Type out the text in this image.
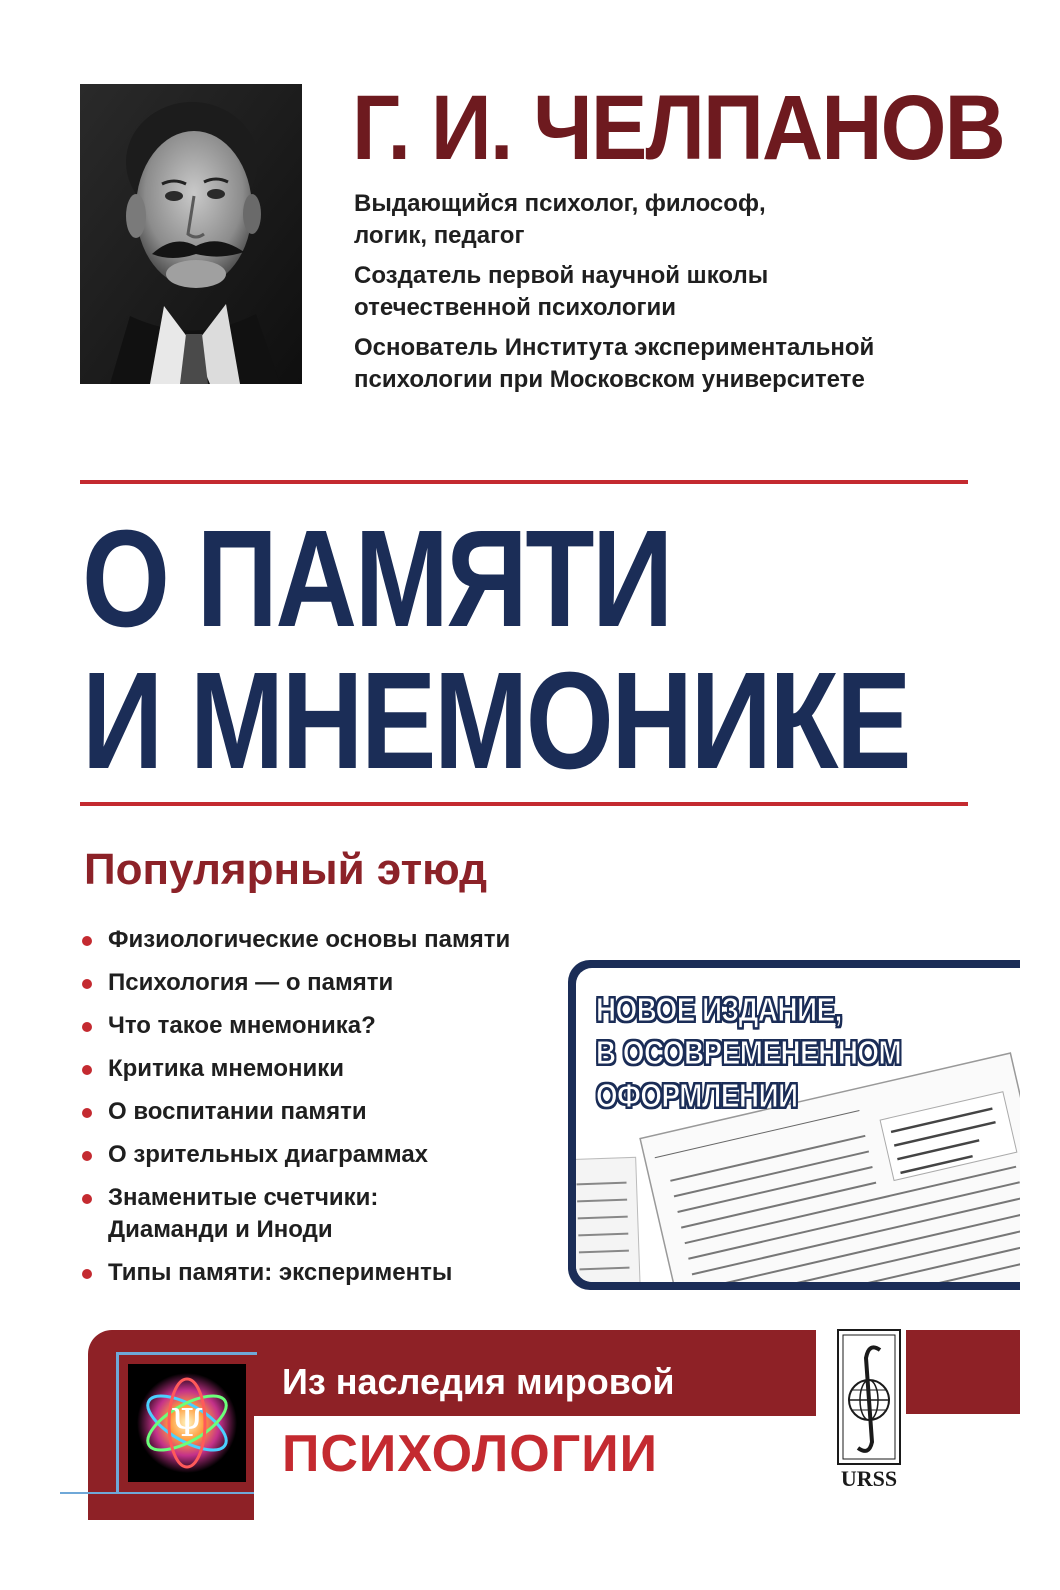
Г. И. ЧЕЛПАНОВ
Выдающийся психолог, философ,
логик, педагог
Создатель первой научной школы
отечественной психологии
Основатель Института экспериментальной
психологии при Московском университете
О ПАМЯТИ
И МНЕМОНИКЕ
Популярный этюд
Физиологические основы памяти
Психология — о памяти
Что такое мнемоника?
Критика мнемоники
О воспитании памяти
О зрительных диаграммах
Знаменитые счетчики:
Диаманди и Иноди
Типы памяти: эксперименты

НОВОЕ ИЗДАНИЕ,
В ОСОВРЕМЕНЕННОМ
ОФОРМЛЕНИИ

Ψ

Из наследия мировой

ПСИХОЛОГИИ	URSS
